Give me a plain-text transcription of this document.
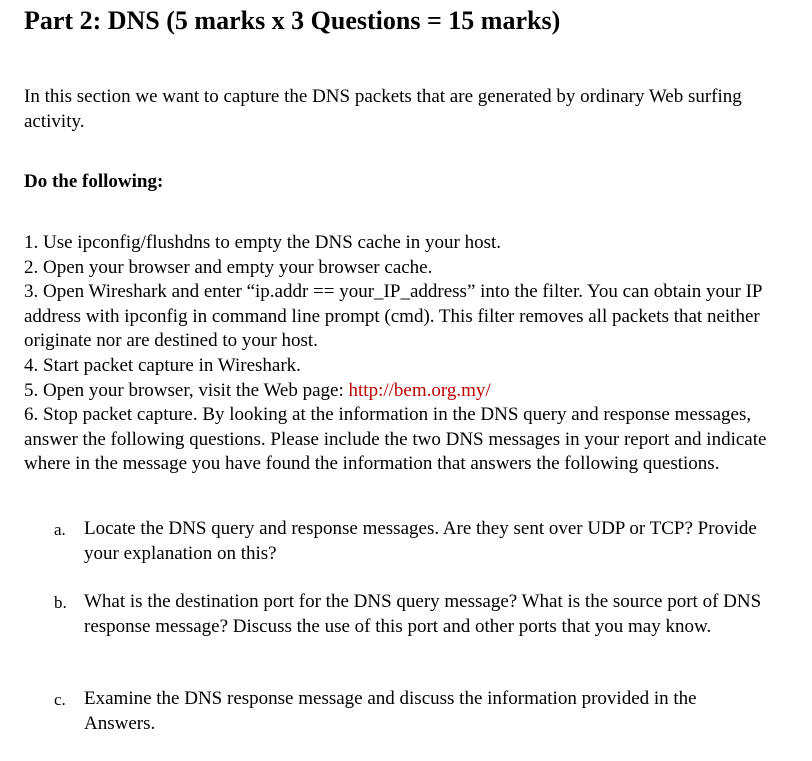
Part 2: DNS (5 marks x 3 Questions = 15 marks)

In this section we want to capture the DNS packets that are generated by ordinary Web surfing activity.

Do the following:

1. Use ipconfig/flushdns to empty the DNS cache in your host.
2. Open your browser and empty your browser cache.
3. Open Wireshark and enter “ip.addr == your_IP_address” into the filter. You can obtain your IP address with ipconfig in command line prompt (cmd). This filter removes all packets that neither originate nor are destined to your host.
4. Start packet capture in Wireshark.
5. Open your browser, visit the Web page: http://bem.org.my/
6. Stop packet capture. By looking at the information in the DNS query and response messages, answer the following questions. Please include the two DNS messages in your report and indicate where in the message you have found the information that answers the following questions.
a. Locate the DNS query and response messages. Are they sent over UDP or TCP? Provide your explanation on this?
b. What is the destination port for the DNS query message? What is the source port of DNS response message? Discuss the use of this port and other ports that you may know.
c. Examine the DNS response message and discuss the information provided in the Answers.
